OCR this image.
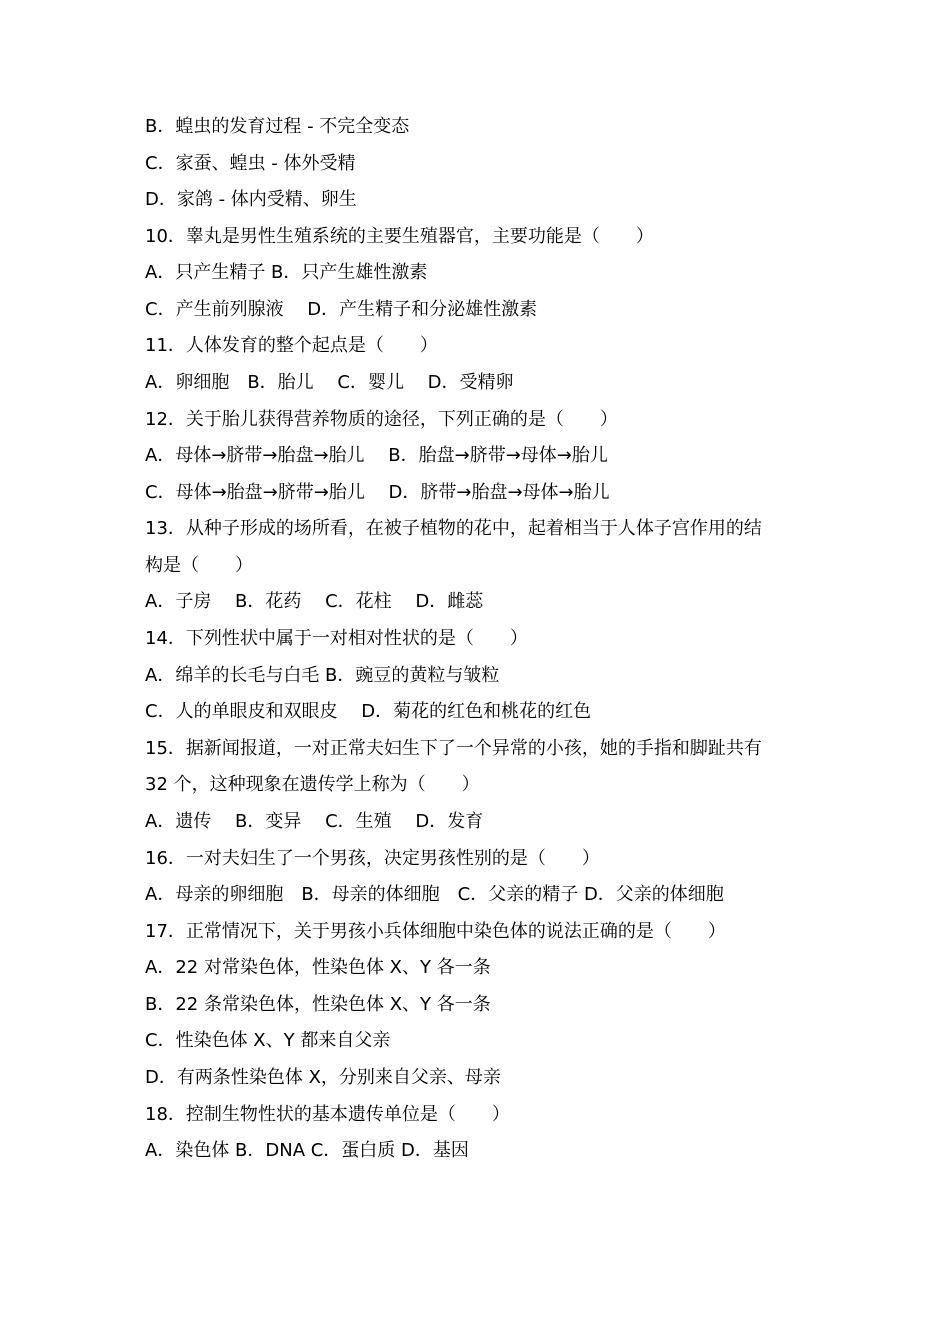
B．蝗虫的发育过程 - 不完全变态
C．家蚕、蝗虫 - 体外受精
D．家鸽 - 体内受精、卵生
10．睾丸是男性生殖系统的主要生殖器官，主要功能是（　　）
A．只产生精子 B．只产生雄性激素
C．产生前列腺液　 D．产生精子和分泌雄性激素
11．人体发育的整个起点是（　　）
A．卵细胞　B．胎儿　 C．婴儿　 D．受精卵
12．关于胎儿获得营养物质的途径，下列正确的是（　　）
A．母体→脐带→胎盘→胎儿　 B．胎盘→脐带→母体→胎儿
C．母体→胎盘→脐带→胎儿　 D．脐带→胎盘→母体→胎儿
13．从种子形成的场所看，在被子植物的花中，起着相当于人体子宫作用的结
构是（　　）
A．子房　 B．花药　 C．花柱　 D．雌蕊
14．下列性状中属于一对相对性状的是（　　）
A．绵羊的长毛与白毛 B．豌豆的黄粒与皱粒
C．人的单眼皮和双眼皮　 D．菊花的红色和桃花的红色
15．据新闻报道，一对正常夫妇生下了一个异常的小孩，她的手指和脚趾共有
32 个，这种现象在遗传学上称为（　　）
A．遗传　 B．变异　 C．生殖　 D．发育
16．一对夫妇生了一个男孩，决定男孩性别的是（　　）
A．母亲的卵细胞　B．母亲的体细胞　C．父亲的精子 D．父亲的体细胞
17．正常情况下，关于男孩小兵体细胞中染色体的说法正确的是（　　）
A．22 对常染色体，性染色体 X、Y 各一条
B．22 条常染色体，性染色体 X、Y 各一条
C．性染色体 X、Y 都来自父亲
D．有两条性染色体 X，分别来自父亲、母亲
18．控制生物性状的基本遗传单位是（　　）
A．染色体 B．DNA C．蛋白质 D．基因
